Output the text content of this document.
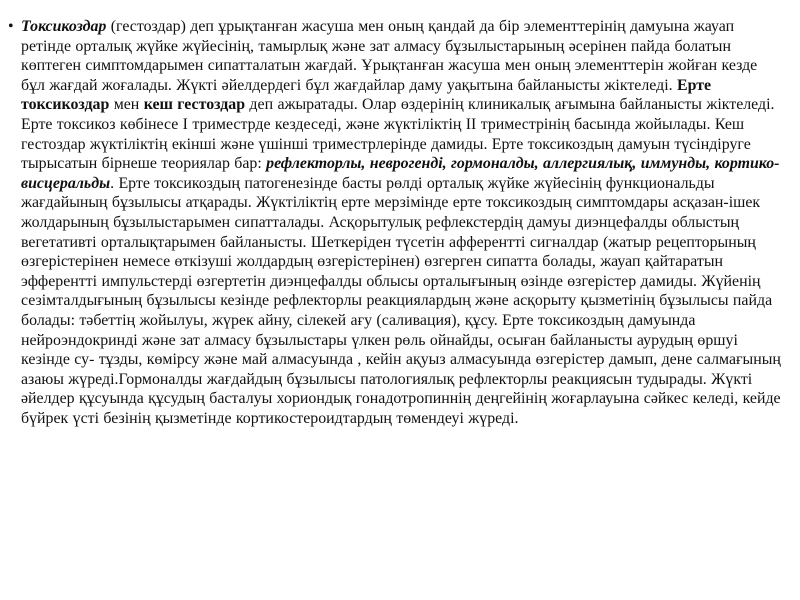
• Токсикоздар (гестоздар) деп ұрықтанған жасуша мен оның қандай да бір элементтерінің дамуына жауап ретінде орталық жүйке жүйесінің, тамырлық және зат алмасу бұзылыстарының әсерінен пайда болатын көптеген симптомдарымен сипатталатын жағдай. Ұрықтанған жасуша мен оның элементтерін жойған кезде бұл жағдай жоғалады. Жүкті әйелдердегі бұл жағдайлар даму уақытына байланысты жіктеледі. Ерте токсикоздар мен кеш гестоздар деп ажыратады. Олар өздерінің клиникалық ағымына байланысты жіктеледі. Ерте токсикоз көбінесе I триместрде кездеседі, және жүктіліктің II триместрінің басында жойылады. Кеш гестоздар жүктіліктің екінші және үшінші триместрлерінде дамиды. Ерте токсикоздың дамуын түсіндіруге тырысатын бірнеше теориялар бар: рефлекторлы, неврогенді, гормоналды, аллергиялық, иммунды, кортико-висцеральды. Ерте токсикоздың патогенезінде басты рөлді орталық жүйке жүйесінің функциональды жағдайының бұзылысы атқарады. Жүктіліктің ерте мерзімінде ерте токсикоздың симптомдары асқазан-ішек жолдарының бұзылыстарымен сипатталады. Асқорытулық рефлекстердің дамуы диэнцефалды облыстың вегетативті орталықтарымен байланысты. Шеткеріден түсетін афферентті сигналдар (жатыр рецепторының өзгерістерінен немесе өткізуші жолдардың өзгерістерінен) өзгерген сипатта болады, жауап қайтаратын эфферентті импульстерді өзгертетін диэнцефалды облысы орталығының өзінде өзгерістер дамиды. Жүйенің сезімталдығының бұзылысы кезінде рефлекторлы реакциялардың және асқорыту қызметінің бұзылысы пайда болады: тәбеттің жойылуы, жүрек айну, сілекей ағу (саливация), құсу. Ерте токсикоздың дамуында нейроэндокринді және зат алмасу бұзылыстары үлкен рөль ойнайды, осыған байланысты аурудың өршуі кезінде су- тұзды, көмірсу және май алмасуында , кейін ақуыз алмасуында өзгерістер дамып, дене салмағының азаюы жүреді.Гормоналды жағдайдың бұзылысы патологиялық рефлекторлы реакциясын тудырады. Жүкті әйелдер құсуында құсудың басталуы хориондық гонадотропиннің деңгейінің жоғарлауына сәйкес келеді, кейде бүйрек үсті безінің қызметінде кортикостероидтардың төмендеуі жүреді.
